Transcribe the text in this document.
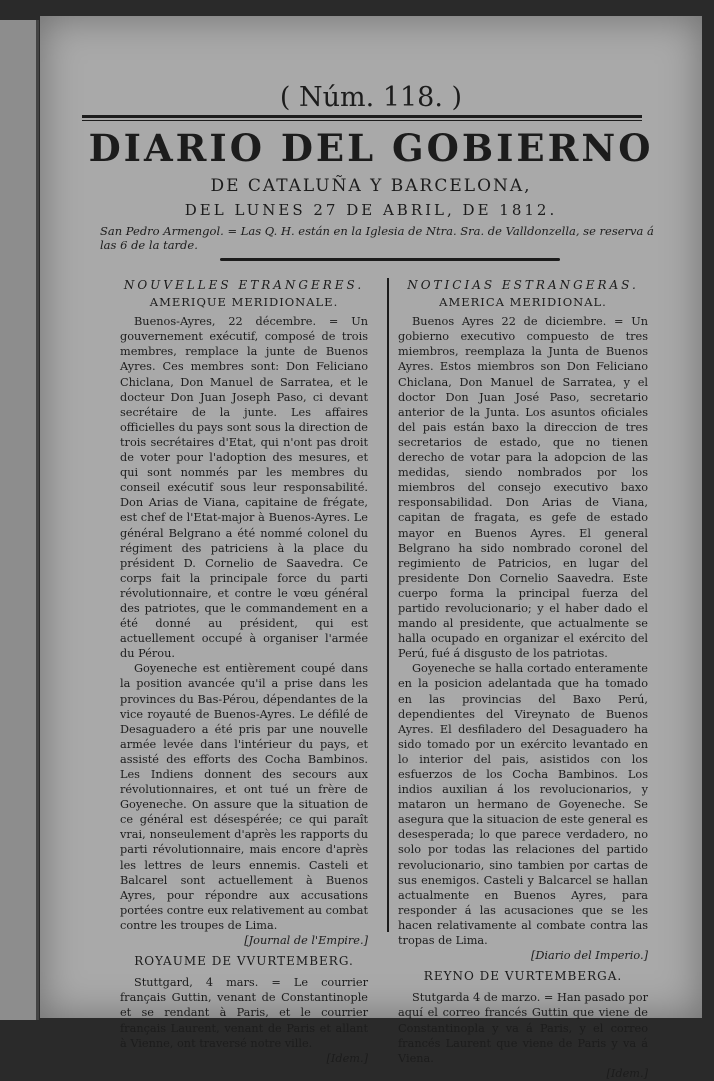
( Núm. 118. )
DIARIO DEL GOBIERNO
DE CATALUÑA Y BARCELONA,
DEL LUNES 27 DE ABRIL, DE 1812.
San Pedro Armengol. = Las Q. H. están en la Iglesia de Ntra. Sra. de Valldonzella, se reserva á las 6 de la tarde.
NOUVELLES ETRANGERES.
AMERIQUE MERIDIONALE.

Buenos-Ayres, 22 décembre. = Un gouvernement exécutif, composé de trois membres, remplace la junte de Buenos Ayres. Ces membres sont: Don Feliciano Chiclana, Don Manuel de Sarratea, et le docteur Don Juan Joseph Paso, ci devant secrétaire de la junte. Les affaires officielles du pays sont sous la direction de trois secrétaires d'Etat, qui n'ont pas droit de voter pour l'adoption des mesures, et qui sont nommés par les membres du conseil exécutif sous leur responsabilité. Don Arias de Viana, capitaine de frégate, est chef de l'Etat-major à Buenos-Ayres. Le général Belgrano a été nommé colonel du régiment des patriciens à la place du président D. Cornelio de Saavedra. Ce corps fait la principale force du parti révolutionnaire, et contre le vœu général des patriotes, que le commandement en a été donné au président, qui est actuellement occupé à organiser l'armée du Pérou.

Goyeneche est entièrement coupé dans la position avancée qu'il a prise dans les provinces du Bas-Pérou, dépendantes de la vice royauté de Buenos-Ayres. Le défilé de Desaguadero a été pris par une nouvelle armée levée dans l'intérieur du pays, et assisté des efforts des Cocha Bambinos. Les Indiens donnent des secours aux révolutionnaires, et ont tué un frère de Goyeneche. On assure que la situation de ce général est désespérée; ce qui paraît vrai, nonseulement d'après les rapports du parti révolutionnaire, mais encore d'après les lettres de leurs ennemis. Casteli et Balcarel sont actuellement à Buenos Ayres, pour répondre aux accusations portées contre eux relativement au combat contre les troupes de Lima.

[Journal de l'Empire.]
ROYAUME DE VVURTEMBERG.

Stuttgard, 4 mars. = Le courrier français Guttin, venant de Constantinople et se rendant à Paris, et le courrier français Laurent, venant de Paris et allant à Vienne, ont traversé notre ville.

[Idem.]
NOTICIAS ESTRANGERAS.
AMERICA MERIDIONAL.

Buenos Ayres 22 de diciembre. = Un gobierno executivo compuesto de tres miembros, reemplaza la Junta de Buenos Ayres. Estos miembros son Don Feliciano Chiclana, Don Manuel de Sarratea, y el doctor Don Juan José Paso, secretario anterior de la Junta. Los asuntos oficiales del pais están baxo la direccion de tres secretarios de estado, que no tienen derecho de votar para la adopcion de las medidas, siendo nombrados por los miembros del consejo executivo baxo responsabilidad. Don Arias de Viana, capitan de fragata, es gefe de estado mayor en Buenos Ayres. El general Belgrano ha sido nombrado coronel del regimiento de Patricios, en lugar del presidente Don Cornelio Saavedra. Este cuerpo forma la principal fuerza del partido revolucionario; y el haber dado el mando al presidente, que actualmente se halla ocupado en organizar el exército del Perú, fué á disgusto de los patriotas.

Goyeneche se halla cortado enteramente en la posicion adelantada que ha tomado en las provincias del Baxo Perú, dependientes del Vireynato de Buenos Ayres. El desfiladero del Desaguadero ha sido tomado por un exército levantado en lo interior del pais, asistidos con los esfuerzos de los Cocha Bambinos. Los indios auxilian á los revolucionarios, y mataron un hermano de Goyeneche. Se asegura que la situacion de este general es desesperada; lo que parece verdadero, no solo por todas las relaciones del partido revolucionario, sino tambien por cartas de sus enemigos. Casteli y Balcarcel se hallan actualmente en Buenos Ayres, para responder á las acusaciones que se les hacen relativamente al combate contra las tropas de Lima.

[Diario del Imperio.]
REYNO DE VURTEMBERGA.

Stutgarda 4 de marzo. = Han pasado por aquí el correo francés Guttin que viene de Constantinopla y va á Paris, y el correo francés Laurent que viene de Paris y va á Viena.

[Idem.]
